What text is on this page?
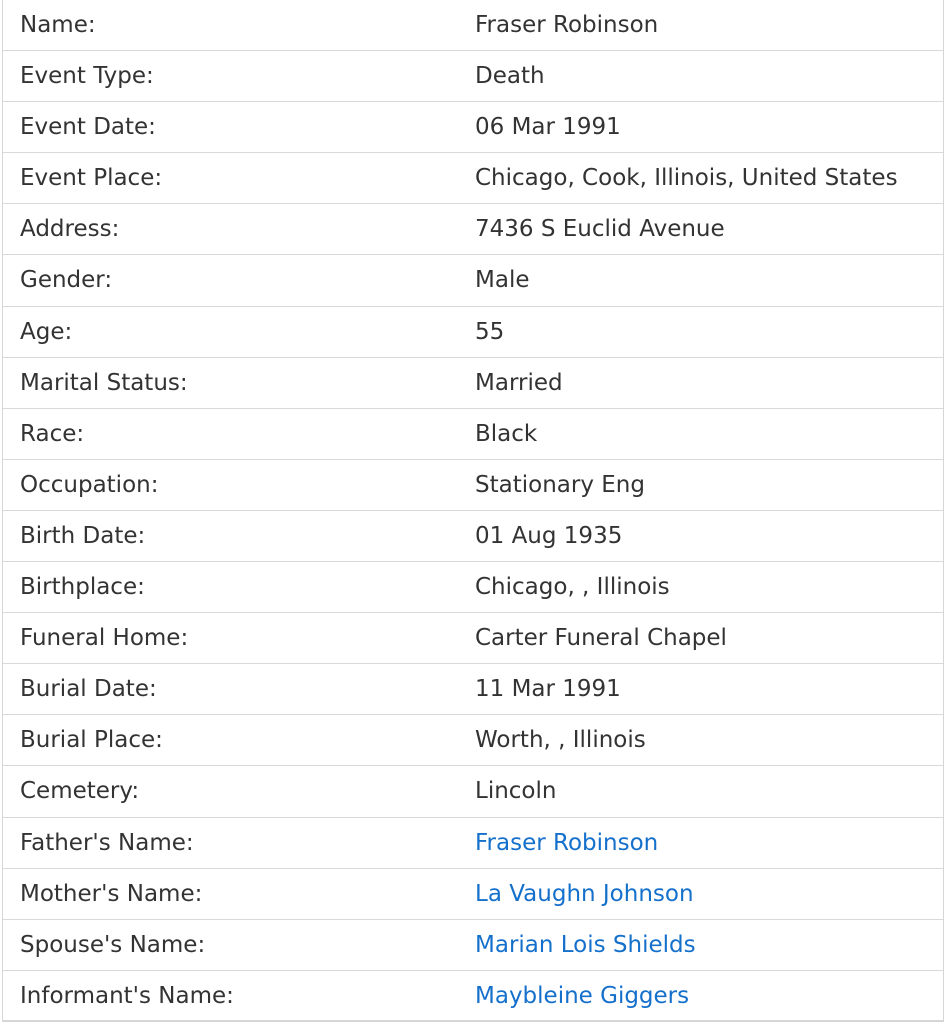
Name:	Fraser Robinson
Event Type:	Death
Event Date:	06 Mar 1991
Event Place:	Chicago, Cook, Illinois, United States
Address:	7436 S Euclid Avenue
Gender:	Male
Age:	55
Marital Status:	Married
Race:	Black
Occupation:	Stationary Eng
Birth Date:	01 Aug 1935
Birthplace:	Chicago, , Illinois
Funeral Home:	Carter Funeral Chapel
Burial Date:	11 Mar 1991
Burial Place:	Worth, , Illinois
Cemetery:	Lincoln
Father's Name:	Fraser Robinson
Mother's Name:	La Vaughn Johnson
Spouse's Name:	Marian Lois Shields
Informant's Name:	Maybleine Giggers
